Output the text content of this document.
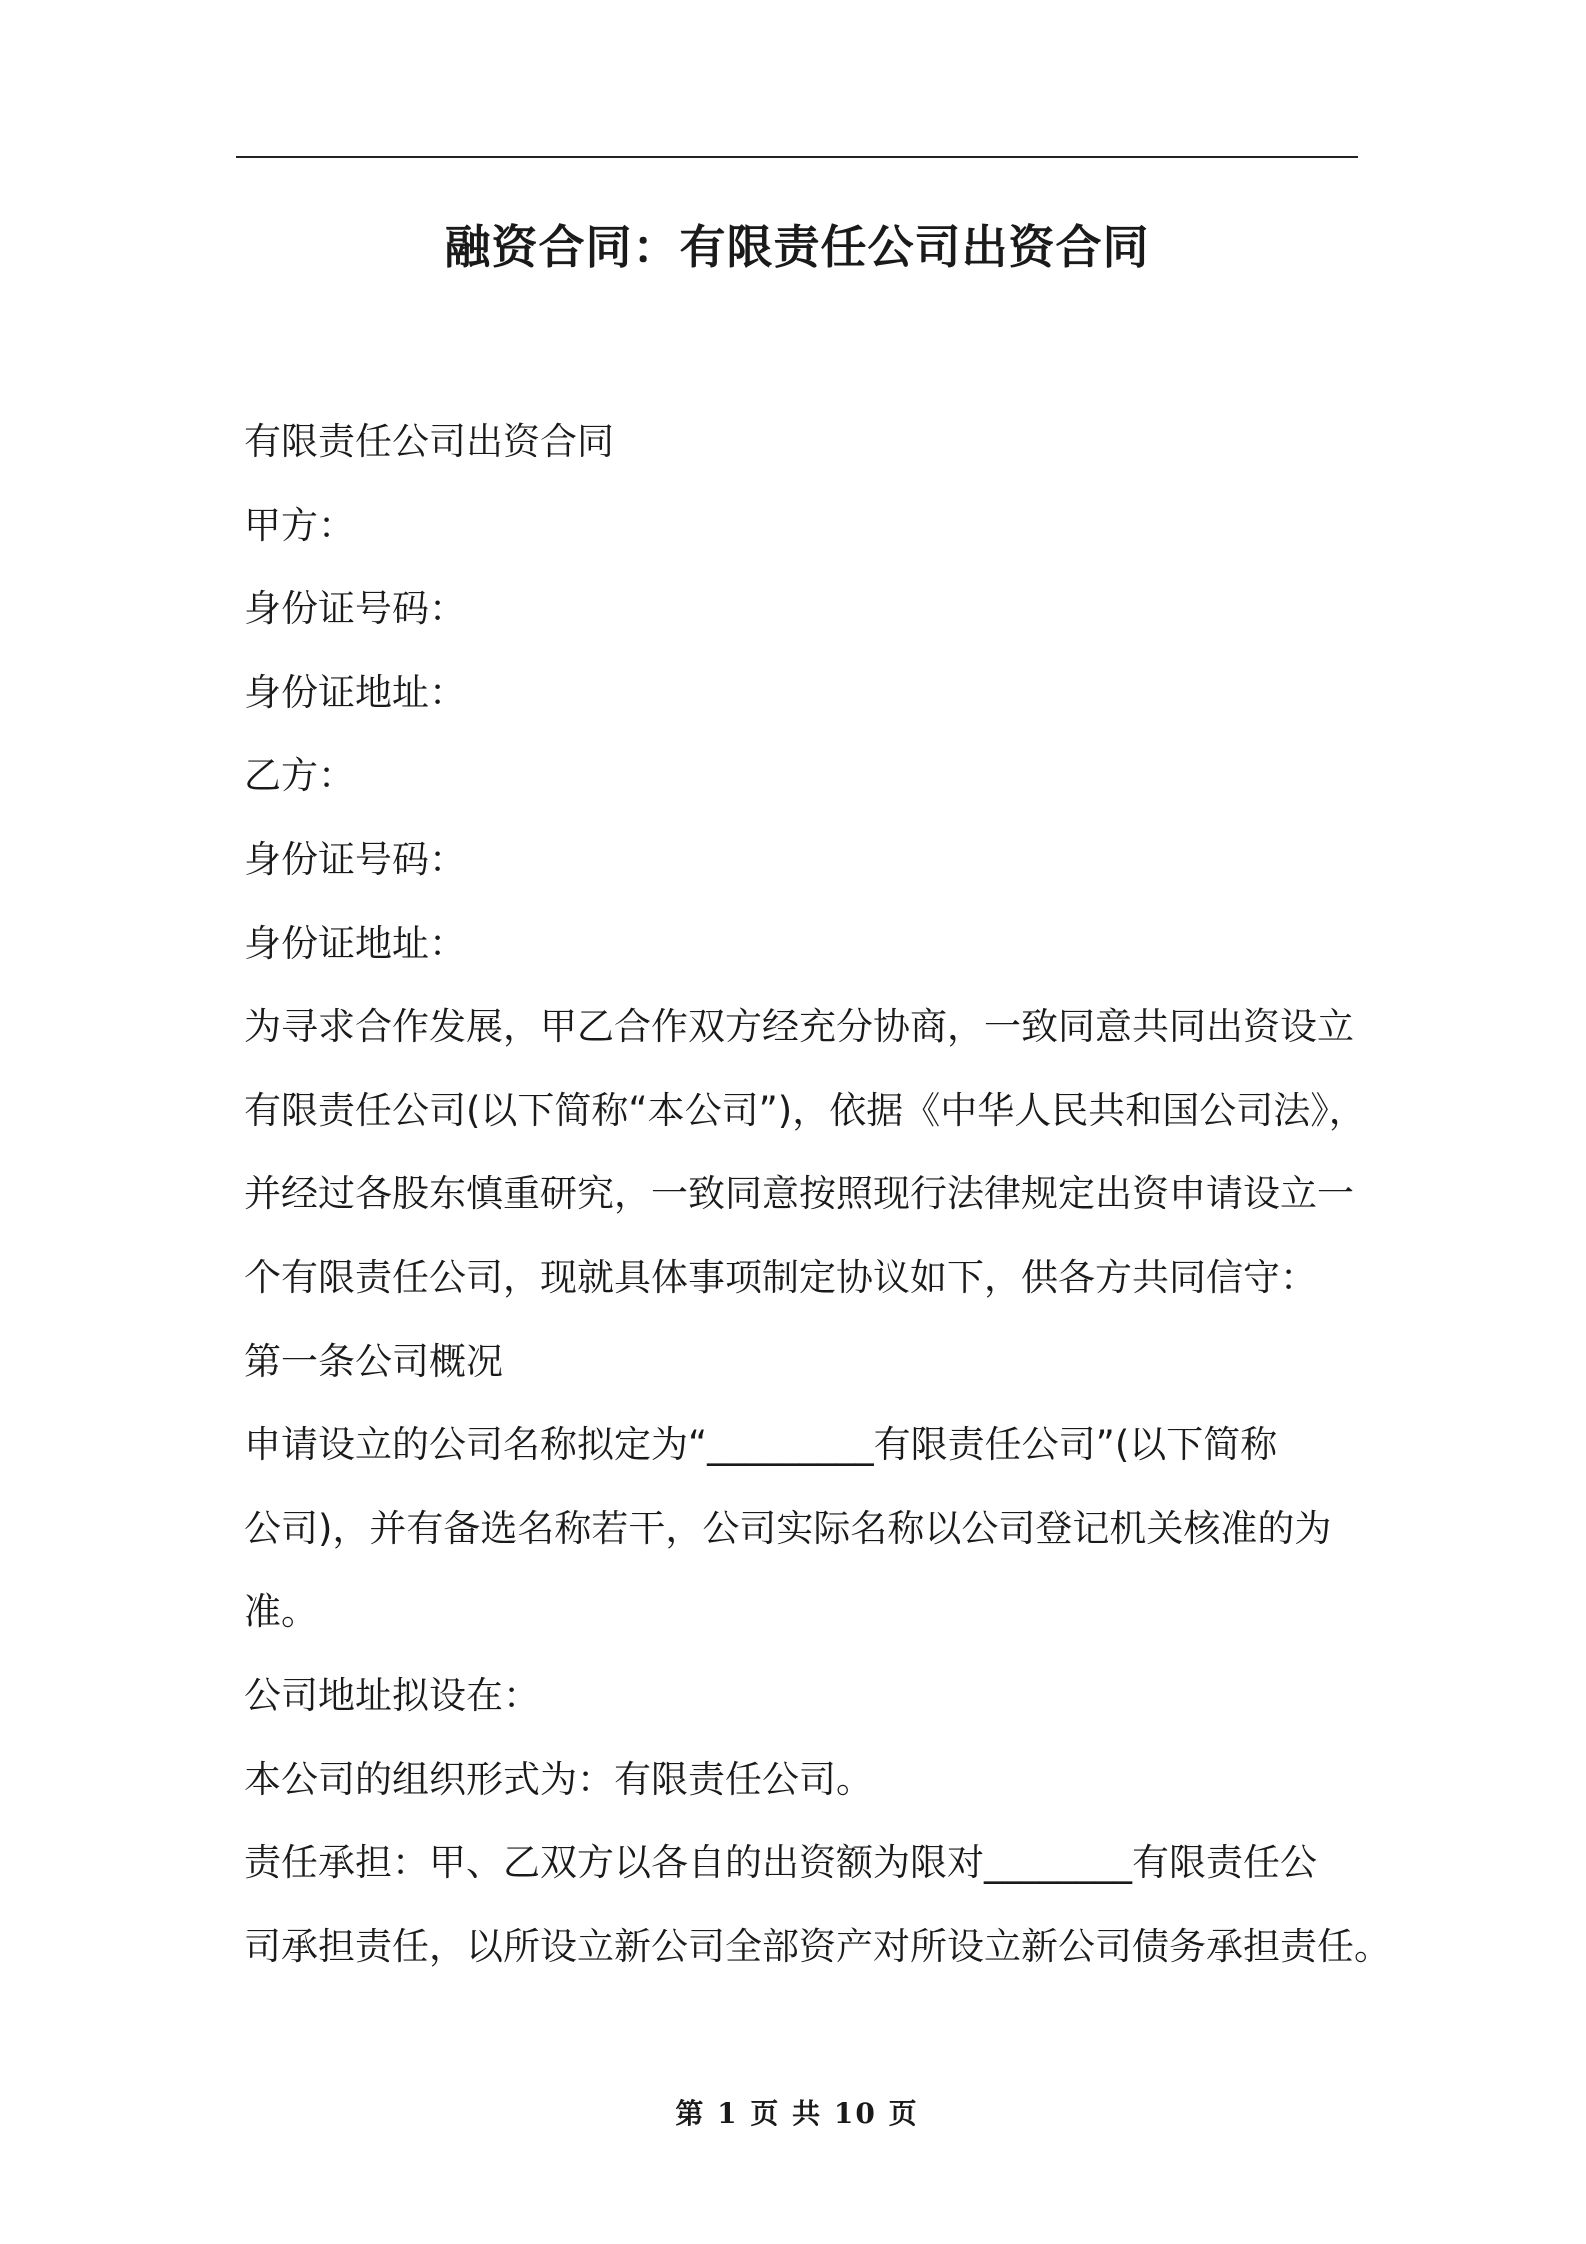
融资合同：有限责任公司出资合同
有限责任公司出资合同
甲方：
身份证号码：
身份证地址：
乙方：
身份证号码：
身份证地址：
为寻求合作发展，甲乙合作双方经充分协商，一致同意共同出资设立
有限责任公司(以下简称“本公司”)，依据《中华人民共和国公司法》，
并经过各股东慎重研究，一致同意按照现行法律规定出资申请设立一
个有限责任公司，现就具体事项制定协议如下，供各方共同信守：
第一条公司概况
申请设立的公司名称拟定为“_________有限责任公司”(以下简称
公司)，并有备选名称若干，公司实际名称以公司登记机关核准的为
准。
公司地址拟设在：
本公司的组织形式为：有限责任公司。
责任承担：甲、乙双方以各自的出资额为限对________有限责任公
司承担责任，以所设立新公司全部资产对所设立新公司债务承担责任。
第 1 页 共 10 页
